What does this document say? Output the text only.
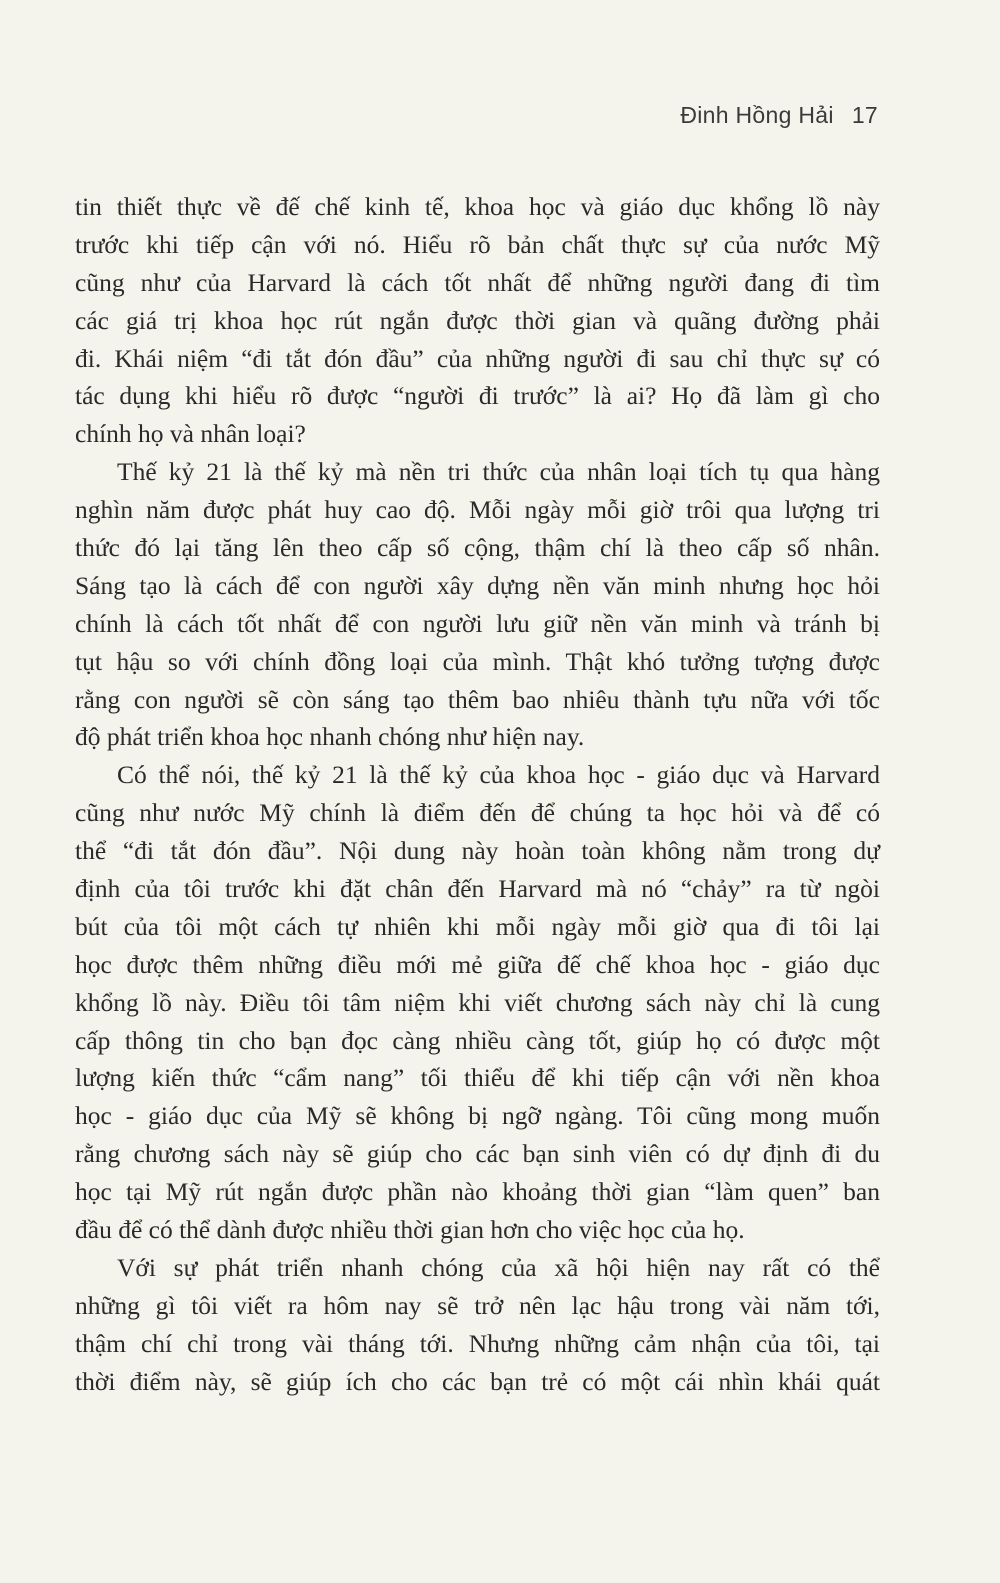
Đinh Hồng Hải 17
tin thiết thực về đế chế kinh tế, khoa học và giáo dục khổng lồ này
trước khi tiếp cận với nó. Hiểu rõ bản chất thực sự của nước Mỹ
cũng như của Harvard là cách tốt nhất để những người đang đi tìm
các giá trị khoa học rút ngắn được thời gian và quãng đường phải
đi. Khái niệm “đi tắt đón đầu” của những người đi sau chỉ thực sự có
tác dụng khi hiểu rõ được “người đi trước” là ai? Họ đã làm gì cho
chính họ và nhân loại?
Thế kỷ 21 là thế kỷ mà nền tri thức của nhân loại tích tụ qua hàng
nghìn năm được phát huy cao độ. Mỗi ngày mỗi giờ trôi qua lượng tri
thức đó lại tăng lên theo cấp số cộng, thậm chí là theo cấp số nhân.
Sáng tạo là cách để con người xây dựng nền văn minh nhưng học hỏi
chính là cách tốt nhất để con người lưu giữ nền văn minh và tránh bị
tụt hậu so với chính đồng loại của mình. Thật khó tưởng tượng được
rằng con người sẽ còn sáng tạo thêm bao nhiêu thành tựu nữa với tốc
độ phát triển khoa học nhanh chóng như hiện nay.
Có thể nói, thế kỷ 21 là thế kỷ của khoa học - giáo dục và Harvard
cũng như nước Mỹ chính là điểm đến để chúng ta học hỏi và để có
thể “đi tắt đón đầu”. Nội dung này hoàn toàn không nằm trong dự
định của tôi trước khi đặt chân đến Harvard mà nó “chảy” ra từ ngòi
bút của tôi một cách tự nhiên khi mỗi ngày mỗi giờ qua đi tôi lại
học được thêm những điều mới mẻ giữa đế chế khoa học - giáo dục
khổng lồ này. Điều tôi tâm niệm khi viết chương sách này chỉ là cung
cấp thông tin cho bạn đọc càng nhiều càng tốt, giúp họ có được một
lượng kiến thức “cẩm nang” tối thiểu để khi tiếp cận với nền khoa
học - giáo dục của Mỹ sẽ không bị ngỡ ngàng. Tôi cũng mong muốn
rằng chương sách này sẽ giúp cho các bạn sinh viên có dự định đi du
học tại Mỹ rút ngắn được phần nào khoảng thời gian “làm quen” ban
đầu để có thể dành được nhiều thời gian hơn cho việc học của họ.
Với sự phát triển nhanh chóng của xã hội hiện nay rất có thể
những gì tôi viết ra hôm nay sẽ trở nên lạc hậu trong vài năm tới,
thậm chí chỉ trong vài tháng tới. Nhưng những cảm nhận của tôi, tại
thời điểm này, sẽ giúp ích cho các bạn trẻ có một cái nhìn khái quát
